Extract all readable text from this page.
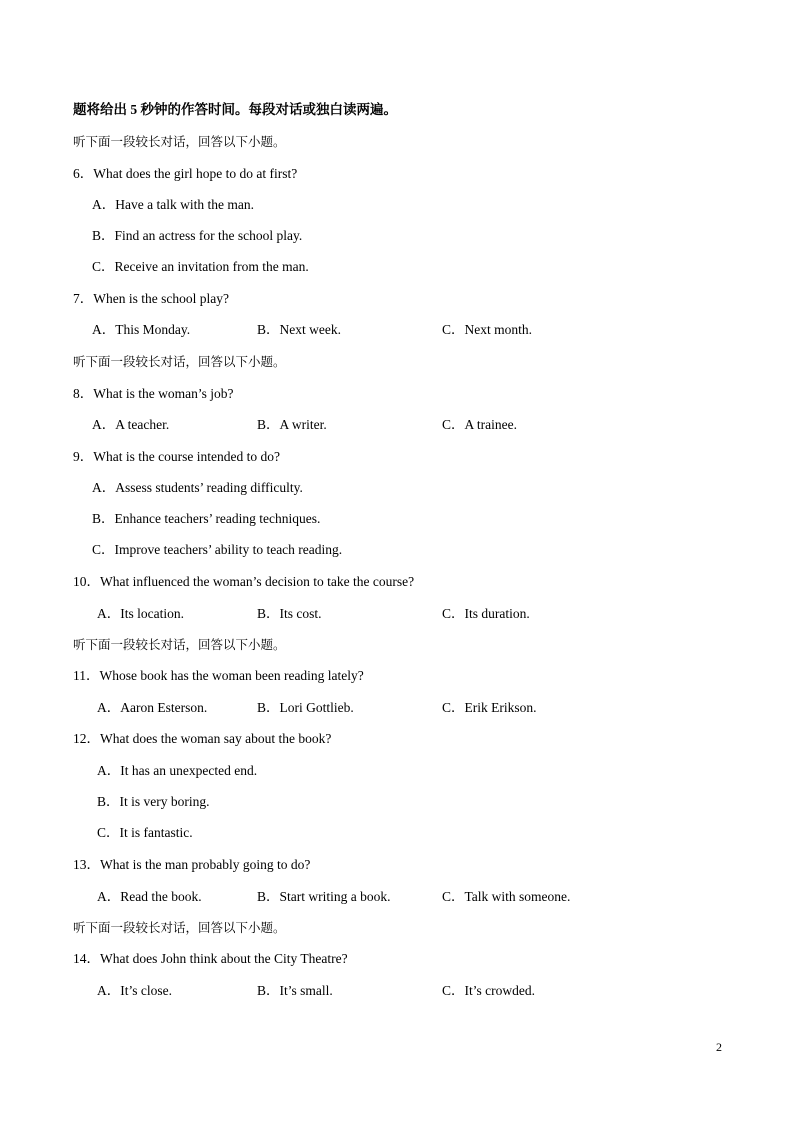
题将给出 5 秒钟的作答时间。每段对话或独白读两遍。
听下面一段较长对话，回答以下小题。
6．What does the girl hope to do at first?
A．Have a talk with the man.
B．Find an actress for the school play.
C．Receive an invitation from the man.
7．When is the school play?
A．This Monday.	B．Next week.	C．Next month.
听下面一段较长对话，回答以下小题。
8．What is the woman’s job?
A．A teacher.	B．A writer.	C．A trainee.
9．What is the course intended to do?
A．Assess students’ reading difficulty.
B．Enhance teachers’ reading techniques.
C．Improve teachers’ ability to teach reading.
10．What influenced the woman’s decision to take the course?
A．Its location.	B．Its cost.	C．Its duration.
听下面一段较长对话，回答以下小题。
11．Whose book has the woman been reading lately?
A．Aaron Esterson.	B．Lori Gottlieb.	C．Erik Erikson.
12．What does the woman say about the book?
A．It has an unexpected end.
B．It is very boring.
C．It is fantastic.
13．What is the man probably going to do?
A．Read the book.	B．Start writing a book.	C．Talk with someone.
听下面一段较长对话，回答以下小题。
14．What does John think about the City Theatre?
A．It’s close.	B．It’s small.	C．It’s crowded.
2
